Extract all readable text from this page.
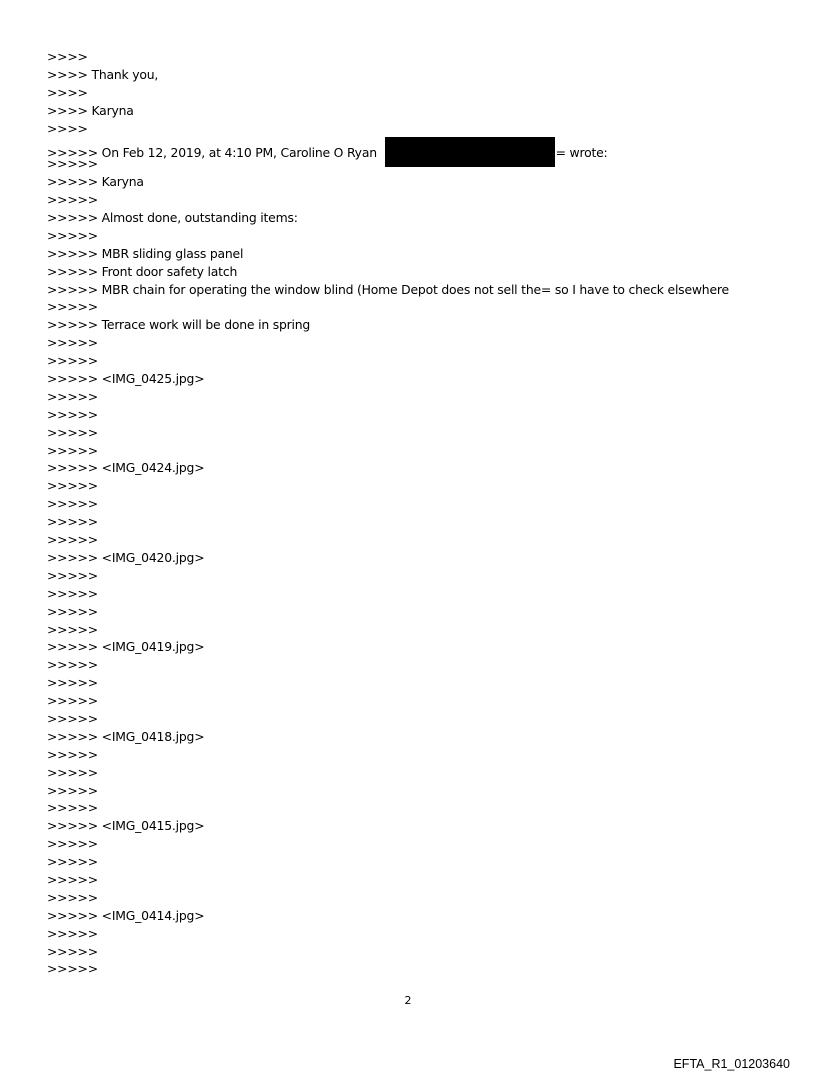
>>>>
>>>> Thank you,
>>>>
>>>> Karyna
>>>>
>>>>> On Feb 12, 2019, at 4:10 PM, Caroline O Ryan	= wrote:
>>>>>
>>>>> Karyna
>>>>>
>>>>> Almost done, outstanding items:
>>>>>
>>>>> MBR sliding glass panel
>>>>> Front door safety latch
>>>>> MBR chain for operating the window blind (Home Depot does not sell the= so I have to check elsewhere
>>>>>
>>>>> Terrace work will be done in spring
>>>>>
>>>>>
>>>>> <IMG_0425.jpg>
>>>>>
>>>>>
>>>>>
>>>>>
>>>>> <IMG_0424.jpg>
>>>>>
>>>>>
>>>>>
>>>>>
>>>>> <IMG_0420.jpg>
>>>>>
>>>>>
>>>>>
>>>>>
>>>>> <IMG_0419.jpg>
>>>>>
>>>>>
>>>>>
>>>>>
>>>>> <IMG_0418.jpg>
>>>>>
>>>>>
>>>>>
>>>>>
>>>>> <IMG_0415.jpg>
>>>>>
>>>>>
>>>>>
>>>>>
>>>>> <IMG_0414.jpg>
>>>>>
>>>>>
>>>>>
2
EFTA_R1_01203640
